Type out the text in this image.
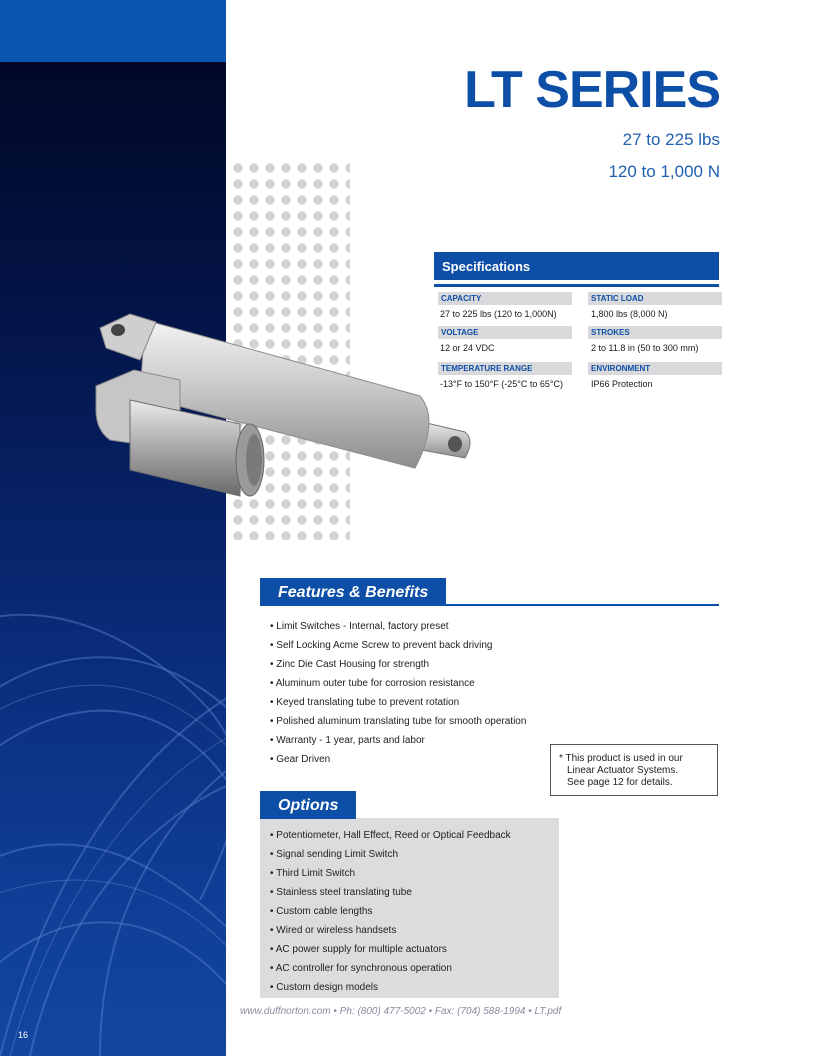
LT SERIES
27 to 225 lbs
120 to 1,000 N
Specifications
CAPACITY
27 to 225 lbs (120 to 1,000N)
STATIC LOAD
1,800 lbs (8,000 N)
VOLTAGE
12 or 24 VDC
STROKES
2 to 11.8 in (50 to 300 mm)
TEMPERATURE RANGE
-13°F to 150°F (-25°C to 65°C)
ENVIRONMENT
IP66 Protection
Features & Benefits
• Limit Switches - Internal, factory preset
• Self Locking Acme Screw to prevent back driving
• Zinc Die Cast Housing for strength
• Aluminum outer tube for corrosion resistance
• Keyed translating tube to prevent rotation
• Polished aluminum translating tube for smooth operation
• Warranty - 1 year, parts and labor
• Gear Driven	* This product is used in our
Linear Actuator Systems.
See page 12 for details.
Options
• Potentiometer, Hall Effect, Reed or Optical Feedback
• Signal sending Limit Switch
• Third Limit Switch
• Stainless steel translating tube
• Custom cable lengths
• Wired or wireless handsets
• AC power supply for multiple actuators
• AC controller for synchronous operation
• Custom design models
www.duffnorton.com • Ph: (800) 477-5002 • Fax: (704) 588-1994 • LT.pdf
16
